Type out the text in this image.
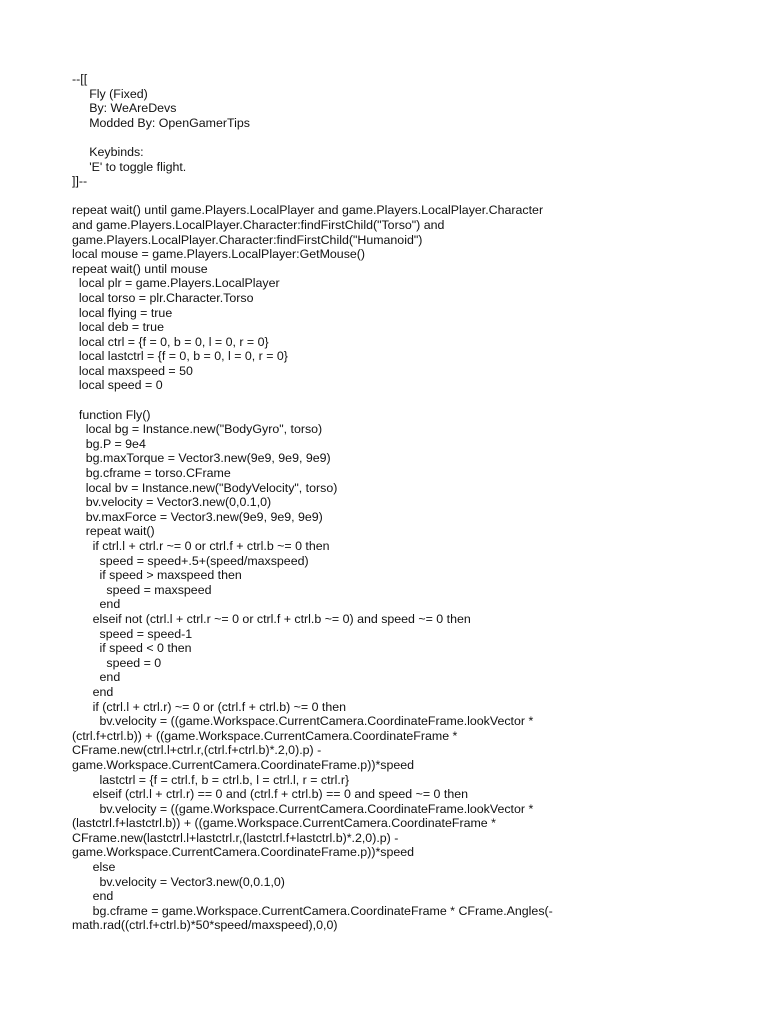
--[[
Fly (Fixed)
By: WeAreDevs
Modded By: OpenGamerTips
Keybinds:
'E' to toggle flight.
]]--
repeat wait() until game.Players.LocalPlayer and game.Players.LocalPlayer.Character
and game.Players.LocalPlayer.Character:findFirstChild("Torso") and
game.Players.LocalPlayer.Character:findFirstChild("Humanoid")
local mouse = game.Players.LocalPlayer:GetMouse()
repeat wait() until mouse
local plr = game.Players.LocalPlayer
local torso = plr.Character.Torso
local flying = true
local deb = true
local ctrl = {f = 0, b = 0, l = 0, r = 0}
local lastctrl = {f = 0, b = 0, l = 0, r = 0}
local maxspeed = 50
local speed = 0
function Fly()
local bg = Instance.new("BodyGyro", torso)
bg.P = 9e4
bg.maxTorque = Vector3.new(9e9, 9e9, 9e9)
bg.cframe = torso.CFrame
local bv = Instance.new("BodyVelocity", torso)
bv.velocity = Vector3.new(0,0.1,0)
bv.maxForce = Vector3.new(9e9, 9e9, 9e9)
repeat wait()
if ctrl.l + ctrl.r ~= 0 or ctrl.f + ctrl.b ~= 0 then
speed = speed+.5+(speed/maxspeed)
if speed > maxspeed then
speed = maxspeed
end
elseif not (ctrl.l + ctrl.r ~= 0 or ctrl.f + ctrl.b ~= 0) and speed ~= 0 then
speed = speed-1
if speed < 0 then
speed = 0
end
end
if (ctrl.l + ctrl.r) ~= 0 or (ctrl.f + ctrl.b) ~= 0 then
bv.velocity = ((game.Workspace.CurrentCamera.CoordinateFrame.lookVector *
(ctrl.f+ctrl.b)) + ((game.Workspace.CurrentCamera.CoordinateFrame *
CFrame.new(ctrl.l+ctrl.r,(ctrl.f+ctrl.b)*.2,0).p) -
game.Workspace.CurrentCamera.CoordinateFrame.p))*speed
lastctrl = {f = ctrl.f, b = ctrl.b, l = ctrl.l, r = ctrl.r}
elseif (ctrl.l + ctrl.r) == 0 and (ctrl.f + ctrl.b) == 0 and speed ~= 0 then
bv.velocity = ((game.Workspace.CurrentCamera.CoordinateFrame.lookVector *
(lastctrl.f+lastctrl.b)) + ((game.Workspace.CurrentCamera.CoordinateFrame *
CFrame.new(lastctrl.l+lastctrl.r,(lastctrl.f+lastctrl.b)*.2,0).p) -
game.Workspace.CurrentCamera.CoordinateFrame.p))*speed
else
bv.velocity = Vector3.new(0,0.1,0)
end
bg.cframe = game.Workspace.CurrentCamera.CoordinateFrame * CFrame.Angles(-
math.rad((ctrl.f+ctrl.b)*50*speed/maxspeed),0,0)
